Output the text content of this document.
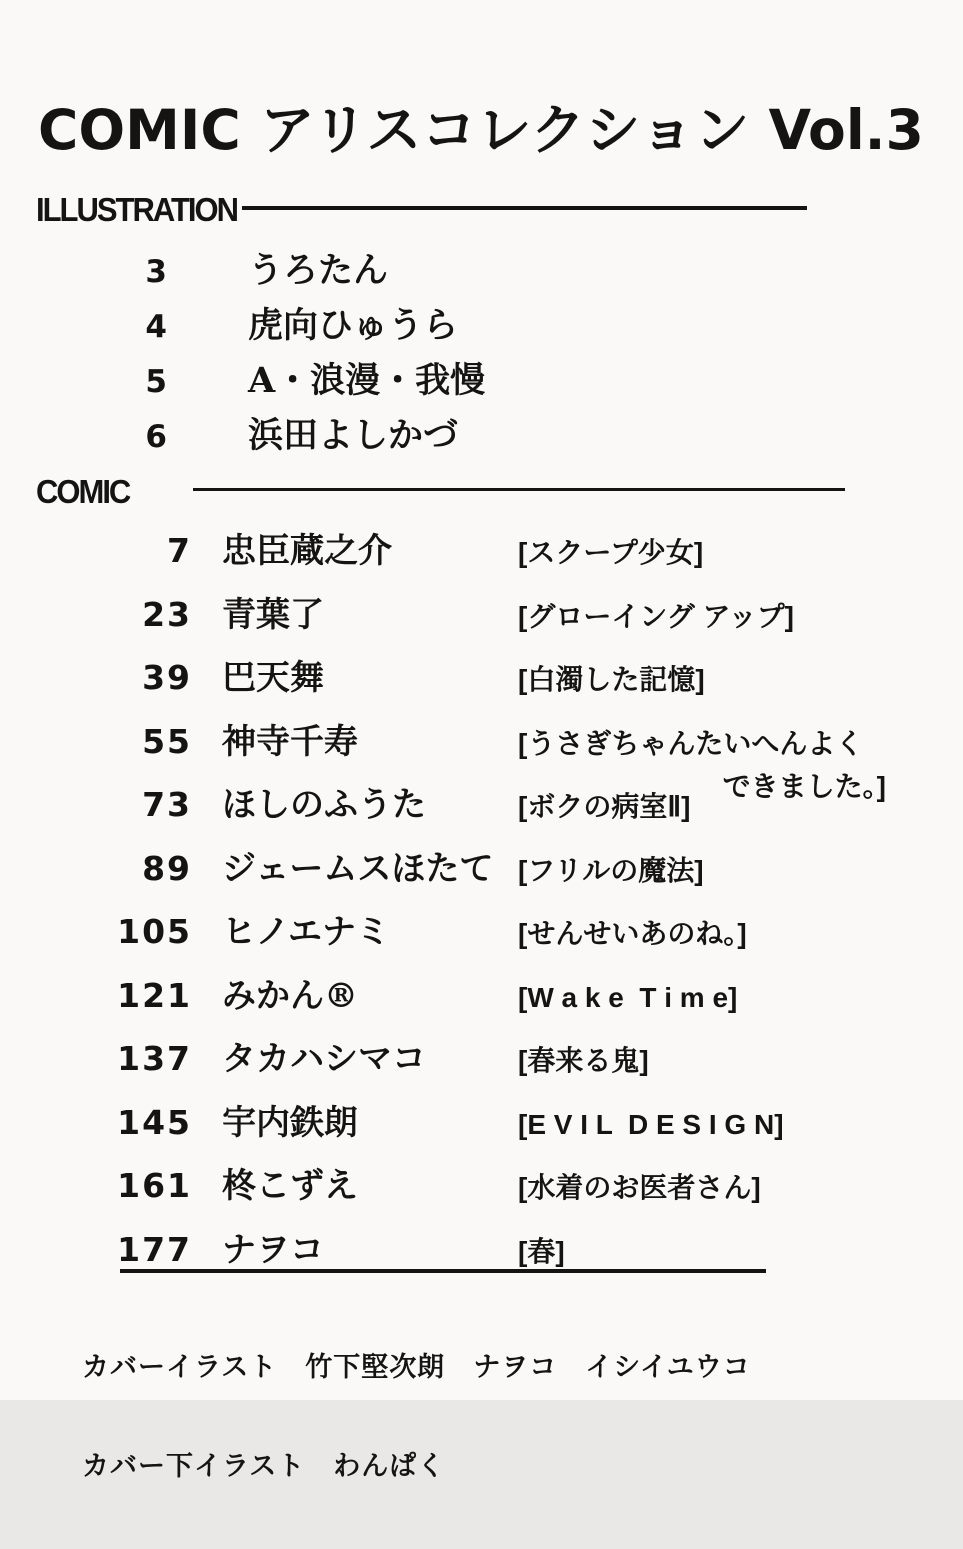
COMIC アリスコレクション Vol.3
ILLUSTRATION
3 うろたん
4 虎向ひゅうら
5 A・浪漫・我慢
6 浜田よしかづ
COMIC
7 忠臣蔵之介	[スクープ少女]
23 青葉了	[グローイング アップ]
39 巴天舞	[白濁した記憶]
55 神寺千寿	[うさぎちゃんたいへんよく
できました。]
73 ほしのふうた	[ボクの病室Ⅱ]
89 ジェームスほたて [フリルの魔法]
105 ヒノエナミ	[せんせいあのね。]
121 みかん®	[W a k e  T i m e]
137 タカハシマコ	[春来る鬼]
145 宇内鉄朗	[E V I L  D E S I G N]
161 柊こずえ	[水着のお医者さん]
177 ナヲコ	[春]

カバーイラスト　竹下堅次朗　ナヲコ　イシイユウコ

カバー下イラスト　わんぱく
